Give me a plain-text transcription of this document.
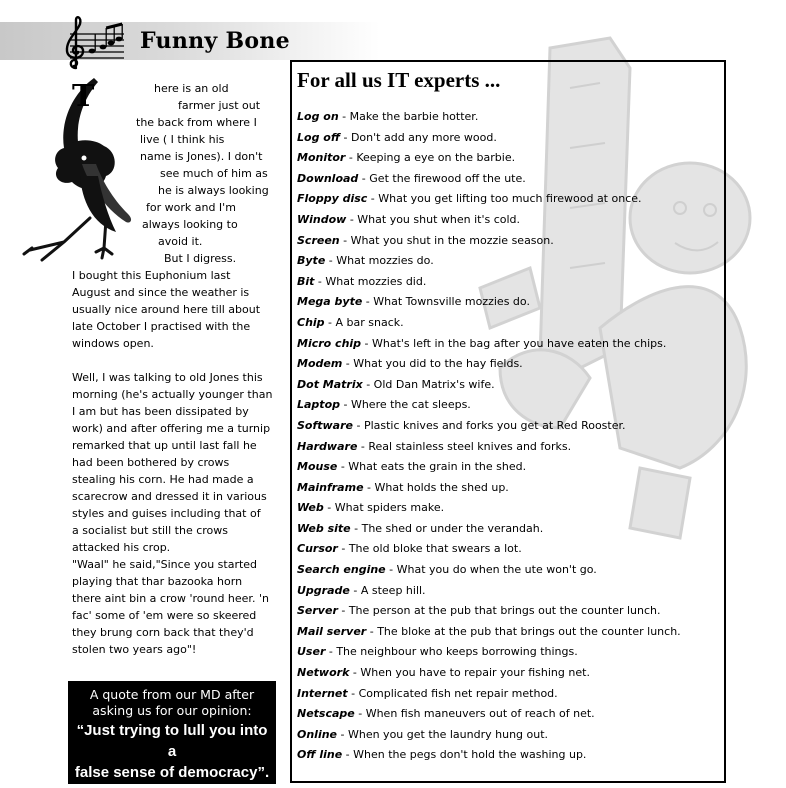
Funny Bone
T	here is an old
farmer just out
the back from where I
live ( I think his
name is Jones). I don't
see much of him as
he is always looking
for work and I'm
always looking to
avoid it.
But I digress.
I bought this Euphonium last
August and since the weather is
usually nice around here till about
late October I practised with the
windows open.
Well, I was talking to old Jones this
morning (he's actually younger than
I am but has been dissipated by
work) and after offering me a turnip
remarked that up until last fall he
had been bothered by crows
stealing his corn. He had made a
scarecrow and dressed it in various
styles and guises including that of
a socialist but still the crows
attacked his crop.
"Waal" he said,"Since you started
playing that thar bazooka horn
there aint bin a crow 'round heer. 'n
fac' some of 'em were so skeered
they brung corn back that they'd
stolen two years ago"!
A quote from our MD after
asking us for our opinion:
“Just trying to lull you into a
false sense of democracy”.
For all us IT experts ...
Log on - Make the barbie hotter.
Log off - Don't add any more wood.
Monitor - Keeping a eye on the barbie.
Download - Get the firewood off the ute.
Floppy disc - What you get lifting too much firewood at once.
Window - What you shut when it's cold.
Screen - What you shut in the mozzie season.
Byte - What mozzies do.
Bit - What mozzies did.
Mega byte - What Townsville mozzies do.
Chip - A bar snack.
Micro chip - What's left in the bag after you have eaten the chips.
Modem - What you did to the hay fields.
Dot Matrix - Old Dan Matrix's wife.
Laptop - Where the cat sleeps.
Software - Plastic knives and forks you get at Red Rooster.
Hardware - Real stainless steel knives and forks.
Mouse - What eats the grain in the shed.
Mainframe - What holds the shed up.
Web - What spiders make.
Web site - The shed or under the verandah.
Cursor - The old bloke that swears a lot.
Search engine - What you do when the ute won't go.
Upgrade - A steep hill.
Server - The person at the pub that brings out the counter lunch.
Mail server - The bloke at the pub that brings out the counter lunch.
User - The neighbour who keeps borrowing things.
Network - When you have to repair your fishing net.
Internet - Complicated fish net repair method.
Netscape - When fish maneuvers out of reach of net.
Online - When you get the laundry hung out.
Off line - When the pegs don't hold the washing up.
